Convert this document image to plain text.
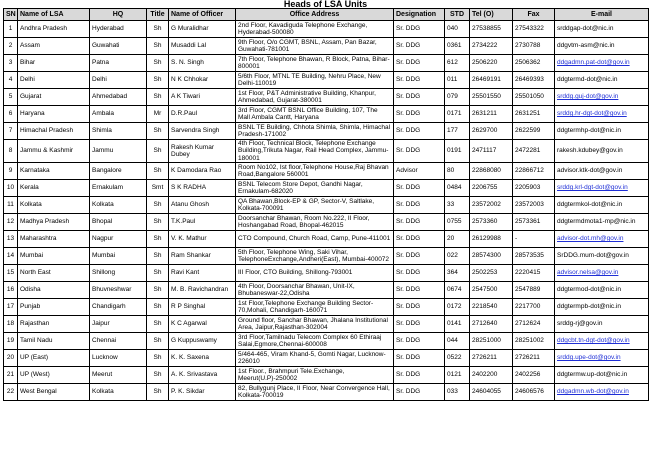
Heads of LSA Units
SN	Name of LSA	HQ	Title	Name of Officer	Office Address	Designation	STD	Tel (O)	Fax	E-mail
1	Andhra Pradesh	Hyderabad	Sh	G Muralidhar	2nd Floor, Kavadiguda Telephone Exchange, Hyderabad-500080	Sr. DDG	040	27538855	27543322	srddgap-dot@nic.in
2	Assam	Guwahati	Sh	Musaddi Lal	9th Floor, O/o CGMT, BSNL, Assam, Pan Bazar, Guwahati-781001	Sr. DDG	0361	2734222	2730788	ddgvtm-asm@nic.in
3	Bihar	Patna	Sh	S. N. Singh	7th Floor, Telephone Bhawan, R Block, Patna, Bihar-800001	Sr. DDG	612	2506220	2506362	ddgadmn.pat-dot@gov.in
4	Delhi	Delhi	Sh	N K Chhokar	5/6th Floor, MTNL TE Building, Nehru Place, New Delhi-110019	Sr. DDG	011	26469191	26469393	ddgtermd-dot@nic.in
5	Gujarat	Ahmedabad	Sh	A K Tiwari	1st Floor, P&T Administrative Building, Khanpur, Ahmedabad, Gujarat-380001	Sr. DDG	079	25501550	25501050	srddg.guj-dot@gov.in
6	Haryana	Ambala	Mr	D.R.Paul	3rd Floor, CGMT BSNL Office Building, 107, The Mall Ambala Cantt, Haryana	Sr. DDG	0171	2631211	2631251	srddg.hr-dgt-dot@gov.in
7	Himachal Pradesh	Shimla	Sh	Sarvendra Singh	BSNL TE Building, Chhota Shimla, Shimla, Himachal Pradesh-171002	Sr. DDG	177	2629700	2622599	ddgtermhp-dot@nic.in
8	Jammu & Kashmir	Jammu	Sh	Rakesh Kumar Dubey	4th Floor, Technical Block, Telephone Exchange Building,Trikuta Nagar, Rail Head Complex, Jammu-180001	Sr. DDG	0191	2471117	2472281	rakesh.kdubey@gov.in
9	Karnataka	Bangalore	Sh	K Damodara Rao	Room No102, Ist floor,Telephone House,Raj Bhavan Road,Bangalore 560001	Advisor	80	22868080	22866712	advisor.ktk-dot@gov.in
10	Kerala	Ernakulam	Smt	S K RADHA	BSNL Telecom Store Depot, Gandhi Nagar, Ernakulam-682020	Sr. DDG	0484	2206755	2205903	srddg.krl-dgt-dot@gov.in
11	Kolkata	Kolkata	Sh	Atanu Ghosh	QA Bhawan,Block-EP & GP, Sector-V, Saltlake, Kolkata-700091	Sr. DDG	33	23572002	23572003	ddgtermkol-dot@nic.in
12	Madhya Pradesh	Bhopal	Sh	T.K.Paul	Doorsanchar Bhawan, Room No.222, II Floor, Hoshangabad Road, Bhopal-462015	Sr. DDG	0755	2573360	2573361	ddgtermdmota1-mp@nic.in
13	Maharashtra	Nagpur	Sh	V. K. Mathur	CTO Compound, Church Road, Camp, Pune-411001	Sr. DDG	20	26129988	-	advisor-dot.mh@gov.in
14	Mumbai	Mumbai	Sh	Ram Shankar	5th Floor, Telephone Wing, Saki Vihar, TelephoneExchange,Andheri(East), Mumbai-400072	Sr. DDG	022	28574300	28573535	SrDDG.mum-dot@gov.in
15	North East	Shillong	Sh	Ravi Kant	III Floor, CTO Building, Shillong-793001	Sr. DDG	364	2502253	2220415	advisor.nelsa@gov.in
16	Odisha	Bhuvneshwar	Sh	M. B. Ravichandran	4th Floor, Doorsanchar Bhawan, Unit-IX, Bhubaneswar-22,Odisha	Sr. DDG	0674	2547500	2547889	ddgtermod-dot@nic.in
17	Punjab	Chandigarh	Sh	R P Singhal	1st Floor,Telephone Exchange Building Sector-70,Mohali, Chandigarh-160071	Sr. DDG	0172	2218540	2217700	ddgtermpb-dot@nic.in
18	Rajasthan	Jaipur	Sh	K C Agarwal	Ground floor, Sanchar Bhawan, Jhalana Institutional Area, Jaipur,Rajasthan-302004	Sr. DDG	0141	2712640	2712624	srddg-rj@gov.in
19	Tamil Nadu	Chennai	Sh	G Kuppuswamy	3rd Floor,Tamilnadu Telecom Complex 60 Ethiraaj Salai,Egmore,Chennai-600008	Sr. DDG	044	28251000	28251002	ddgcbt.tn-dgt-dot@gov.in
20	UP (East)	Lucknow	Sh	K. K. Saxena	5/464-465, Viram Khand-5, Gomti Nagar, Lucknow-226010	Sr. DDG	0522	2726211	2726211	srddg.upe-dot@gov.in
21	UP (West)	Meerut	Sh	A. K. Srivastava	1st Floor., Brahmpuri Tele.Exchange, Meerut(U.P)-250002	Sr. DDG	0121	2402200	2402256	ddgtermw.up-dot@nic.in
22	West Bengal	Kolkata	Sh	P. K. Sikdar	82, Bullygunj Place, II Floor, Near Convergence Hall, Kolkata-700019	Sr. DDG	033	24604055	24606576	ddgadmn.wb-dot@gov.in
